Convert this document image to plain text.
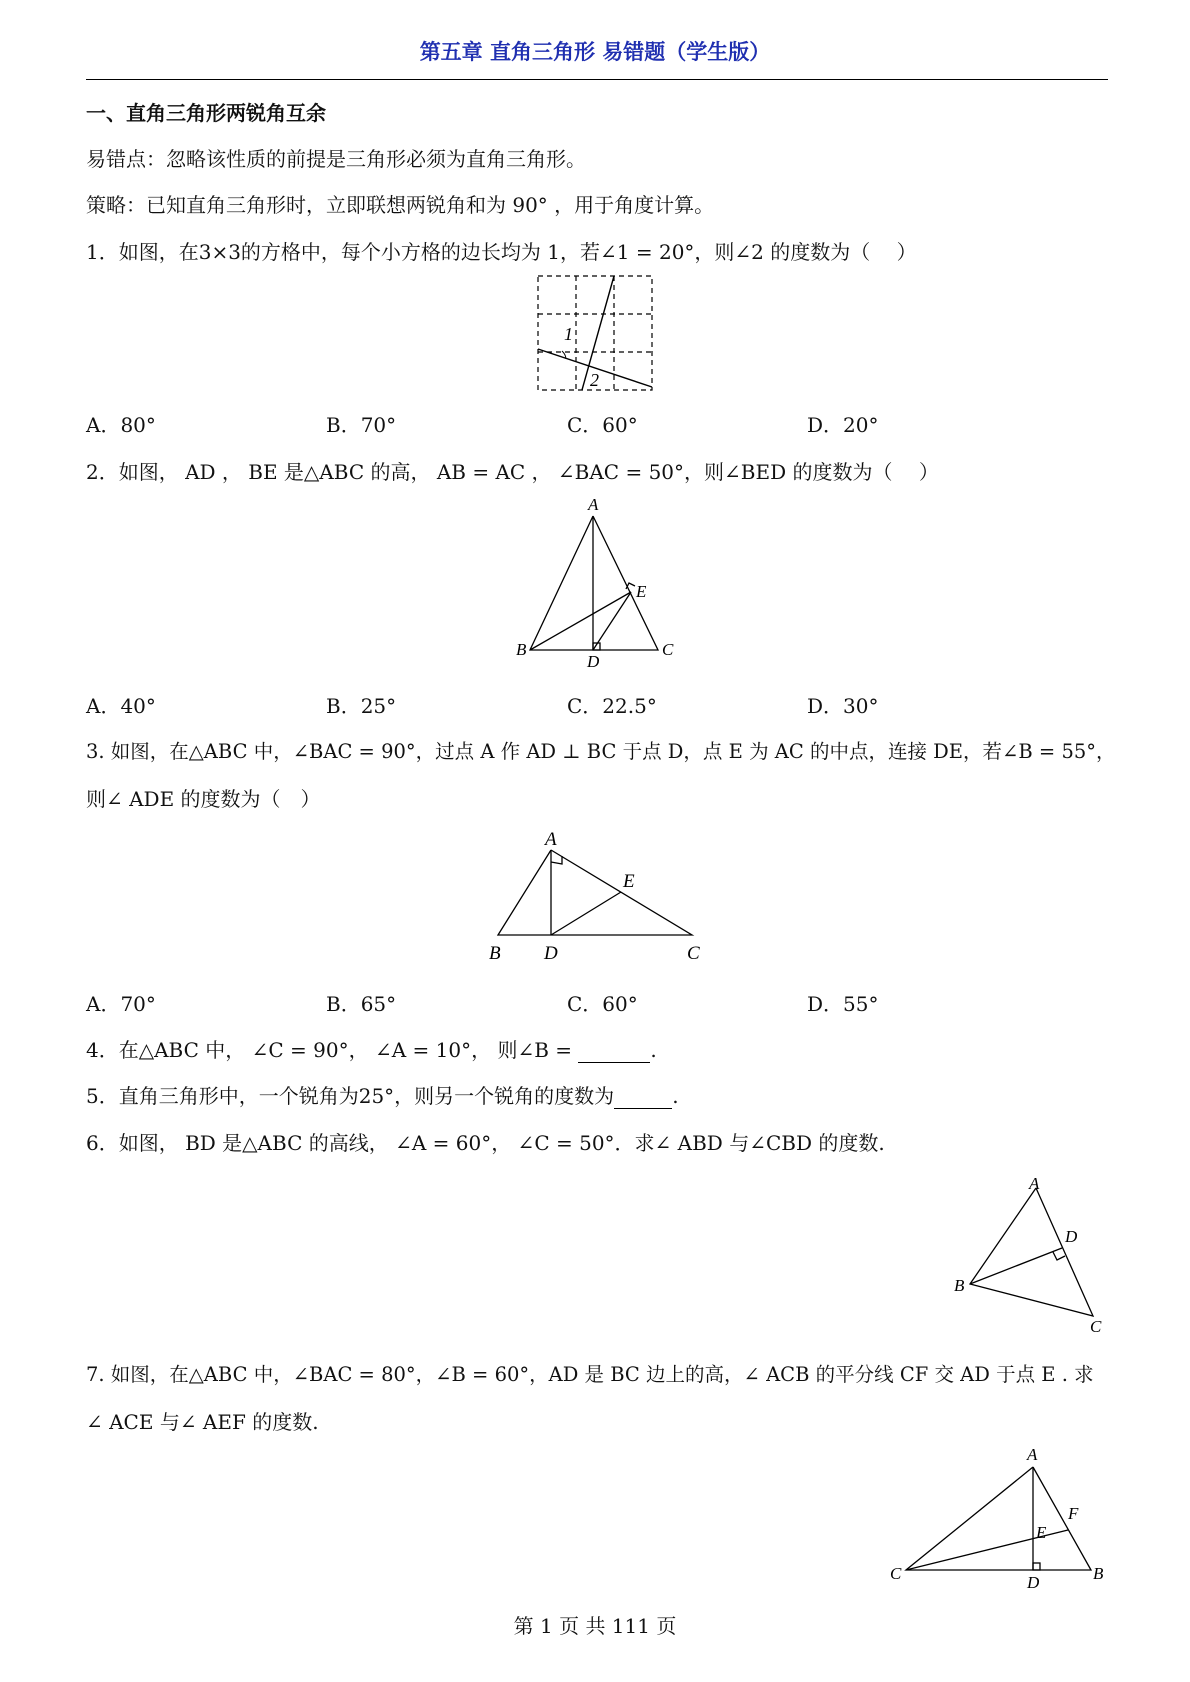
第五章 直角三角形 易错题（学生版）
一、直角三角形两锐角互余
易错点：忽略该性质的前提是三角形必须为直角三角形。
策略：已知直角三角形时，立即联想两锐角和为 90° ，用于角度计算。
1．如图，在3×3的方格中，每个小方格的边长均为 1，若∠1 = 20°，则∠2 的度数为（　 ）
1
2
A．80°	B．70°	C．60°	D．20°
2．如图， AD ， BE 是△ABC 的高， AB = AC ， ∠BAC = 50°，则∠BED 的度数为（　 ）
A
B	C
D
E
A．40°	B．25°	C．22.5°	D．30°
3. 如图，在△ABC 中，∠BAC = 90°，过点 A 作 AD ⊥ BC 于点 D，点 E 为 AC 的中点，连接 DE，若∠B = 55°，
则∠ ADE 的度数为（　）
A
B	C
D
E
A．70°	B．65°	C．60°	D．55°
4．在△ABC 中， ∠C = 90°， ∠A = 10°， 则∠B =	.
5．直角三角形中，一个锐角为25°，则另一个锐角的度数为	.
6．如图， BD 是△ABC 的高线， ∠A = 60°， ∠C = 50°．求∠ ABD 与∠CBD 的度数.
A
B
C
D
7. 如图，在△ABC 中，∠BAC = 80°，∠B = 60°，AD 是 BC 边上的高，∠ ACB 的平分线 CF 交 AD 于点 E . 求
∠ ACE 与∠ AEF 的度数.
A
B
C	D
E
F
第 1 页 共 111 页
